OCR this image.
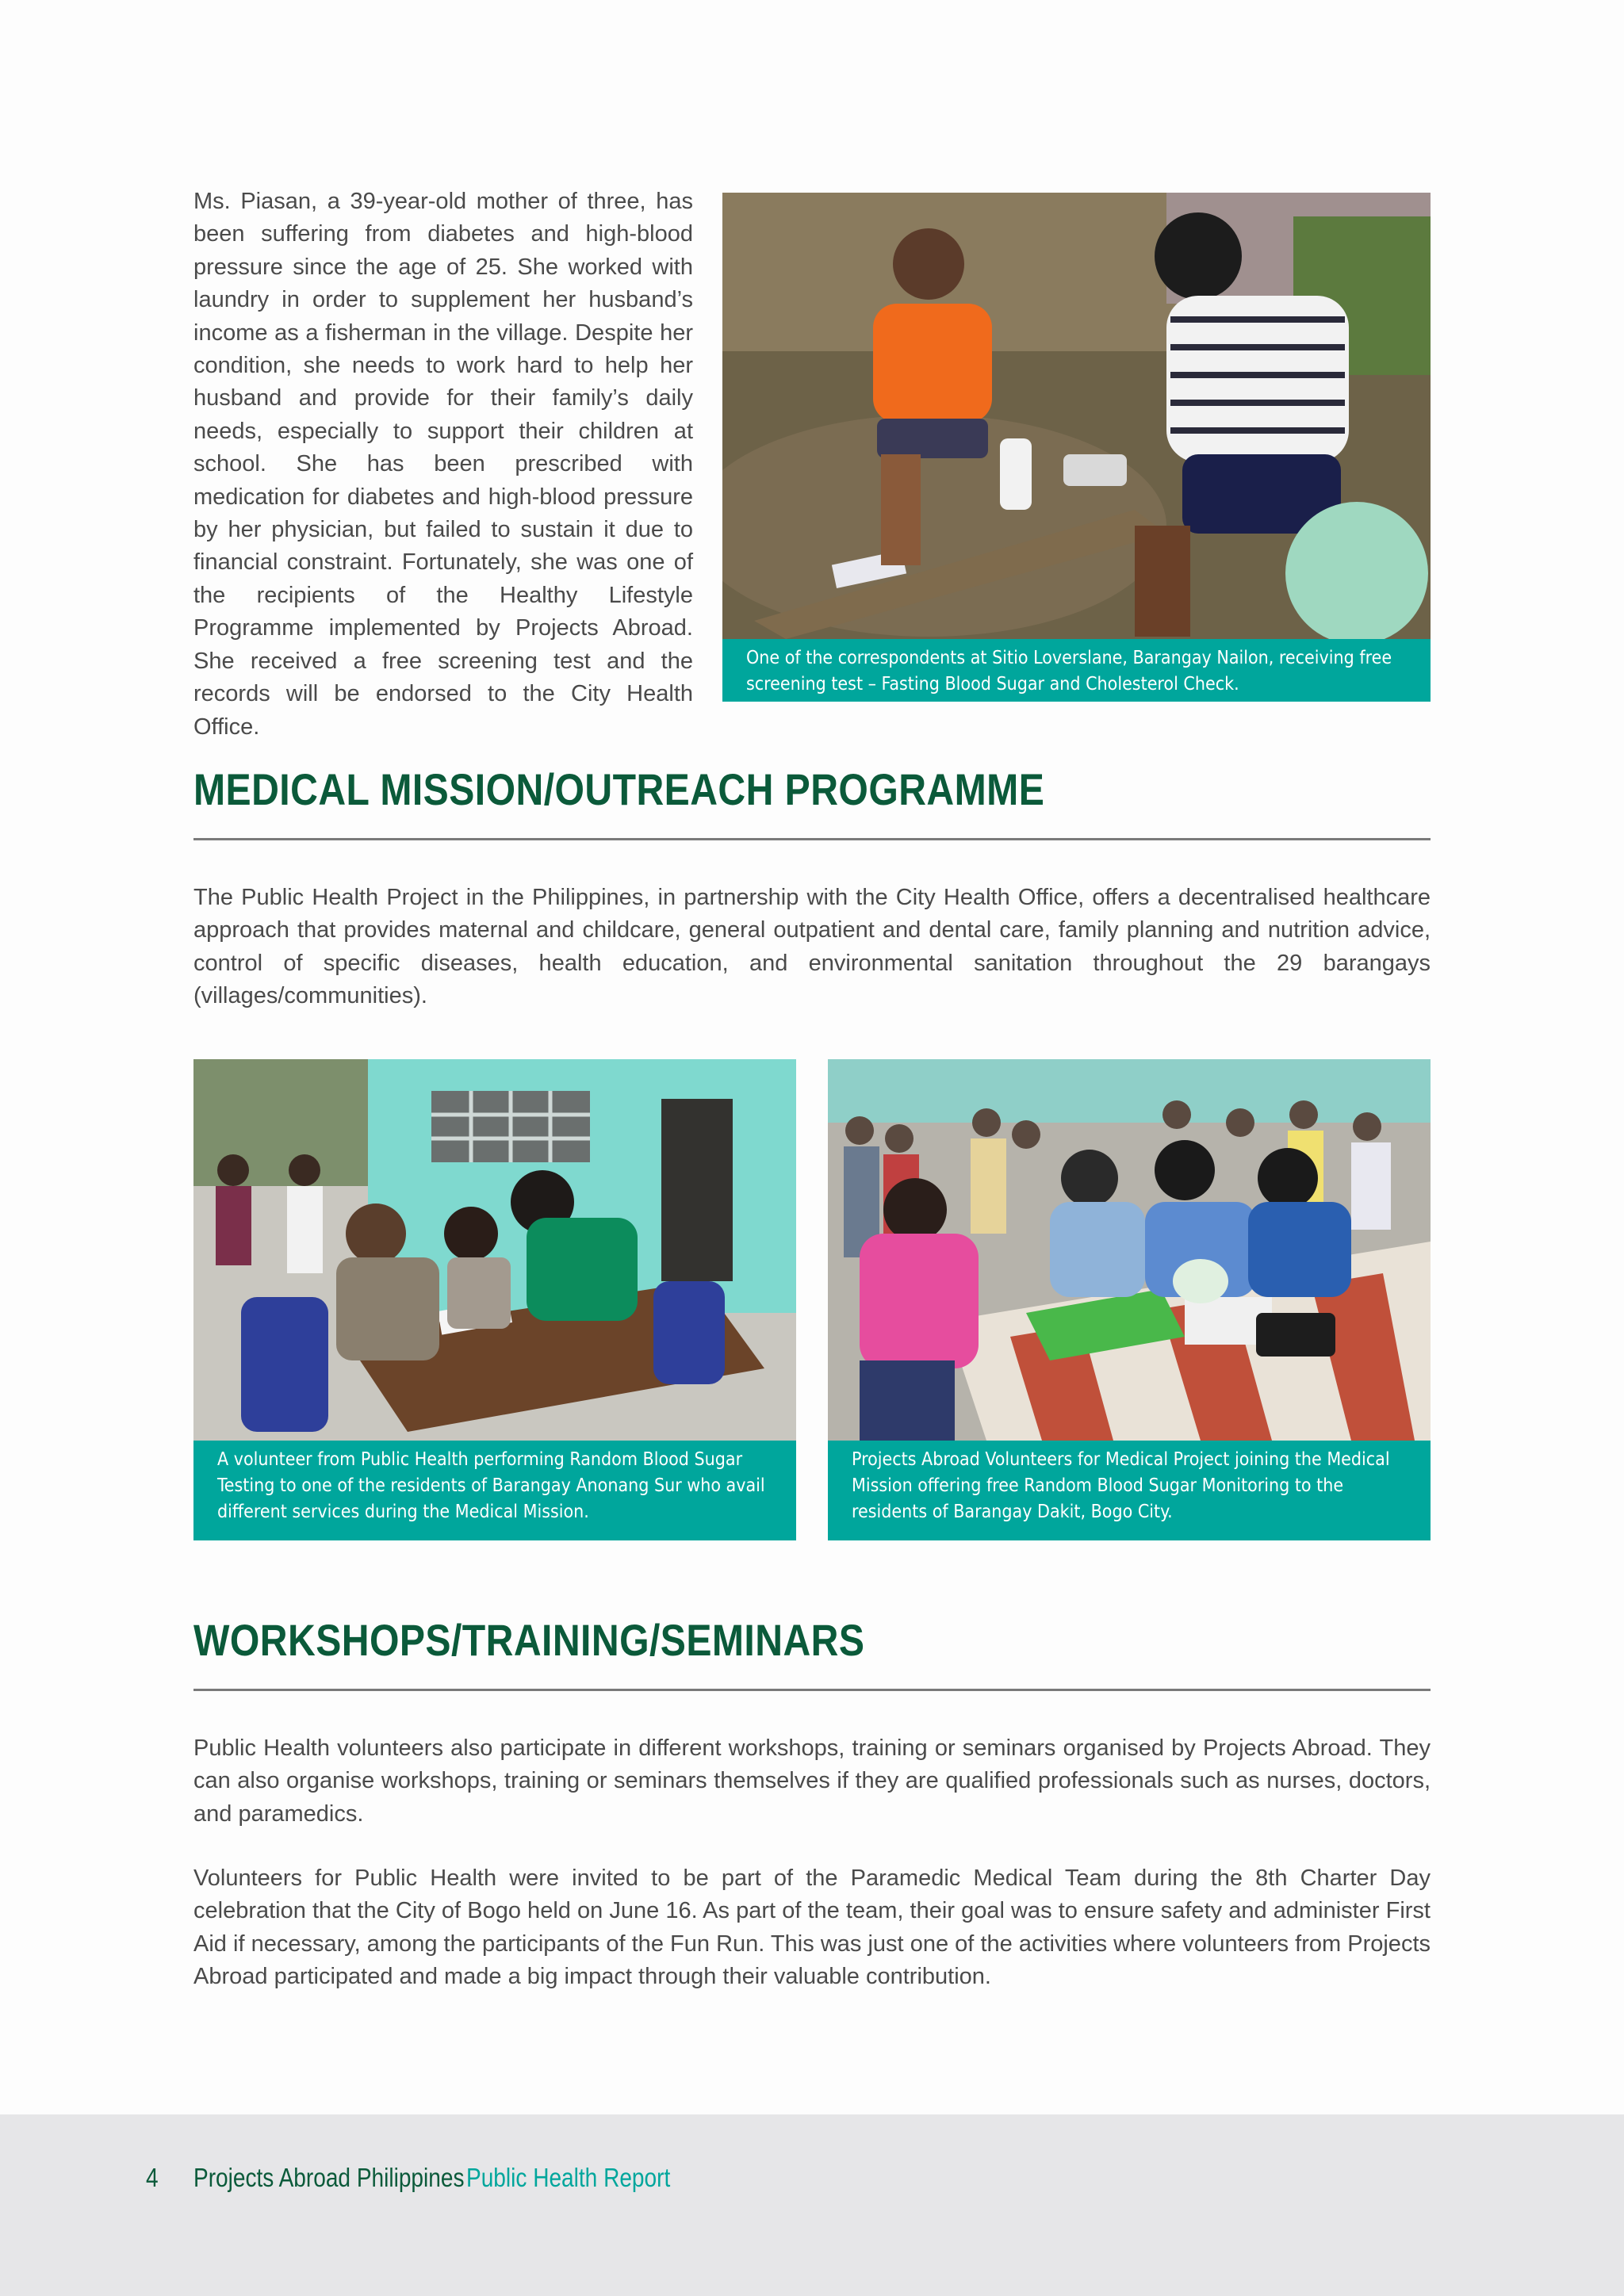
Ms. Piasan, a 39-year-old mother of three, has been suffering from diabetes and high-blood pressure since the age of 25. She worked with laundry in order to supplement her husband’s income as a fisherman in the village. Despite her condition, she needs to work hard to help her husband and provide for their family’s daily needs, especially to support their children at school. She has been prescribed with medication for diabetes and high-blood pressure by her physician, but failed to sustain it due to financial constraint. Fortunately, she was one of the recipients of the Healthy Lifestyle Programme implemented by Projects Abroad. She received a free screening test and the records will be endorsed to the City Health Office.
One of the correspondents at Sitio Loverslane, Barangay Nailon, receiving free screening test – Fasting Blood Sugar and Cholesterol Check.
MEDICAL MISSION/OUTREACH PROGRAMME
The Public Health Project in the Philippines, in partnership with the City Health Office, offers a decentralised healthcare approach that provides maternal and childcare, general outpatient and dental care, family planning and nutrition advice, control of specific diseases, health education, and environmental sanitation throughout the 29 barangays (villages/communities).
A volunteer from Public Health performing Random Blood Sugar Testing to one of the residents of Barangay Anonang Sur who avail different services during the Medical Mission.
Projects Abroad Volunteers for Medical Project joining the Medical Mission offering free Random Blood Sugar Monitoring to the residents of Barangay Dakit, Bogo City.
WORKSHOPS/TRAINING/SEMINARS
Public Health volunteers also participate in different workshops, training or seminars organised by Projects Abroad. They can also organise workshops, training or seminars themselves if they are qualified professionals such as nurses, doctors, and paramedics.
Volunteers for Public Health were invited to be part of the Paramedic Medical Team during the 8th Charter Day celebration that the City of Bogo held on June 16. As part of the team, their goal was to ensure safety and administer First Aid if necessary, among the participants of the Fun Run. This was just one of the activities where volunteers from Projects Abroad participated and made a big impact through their valuable contribution.
4 Projects Abroad Philippines Public Health Report
